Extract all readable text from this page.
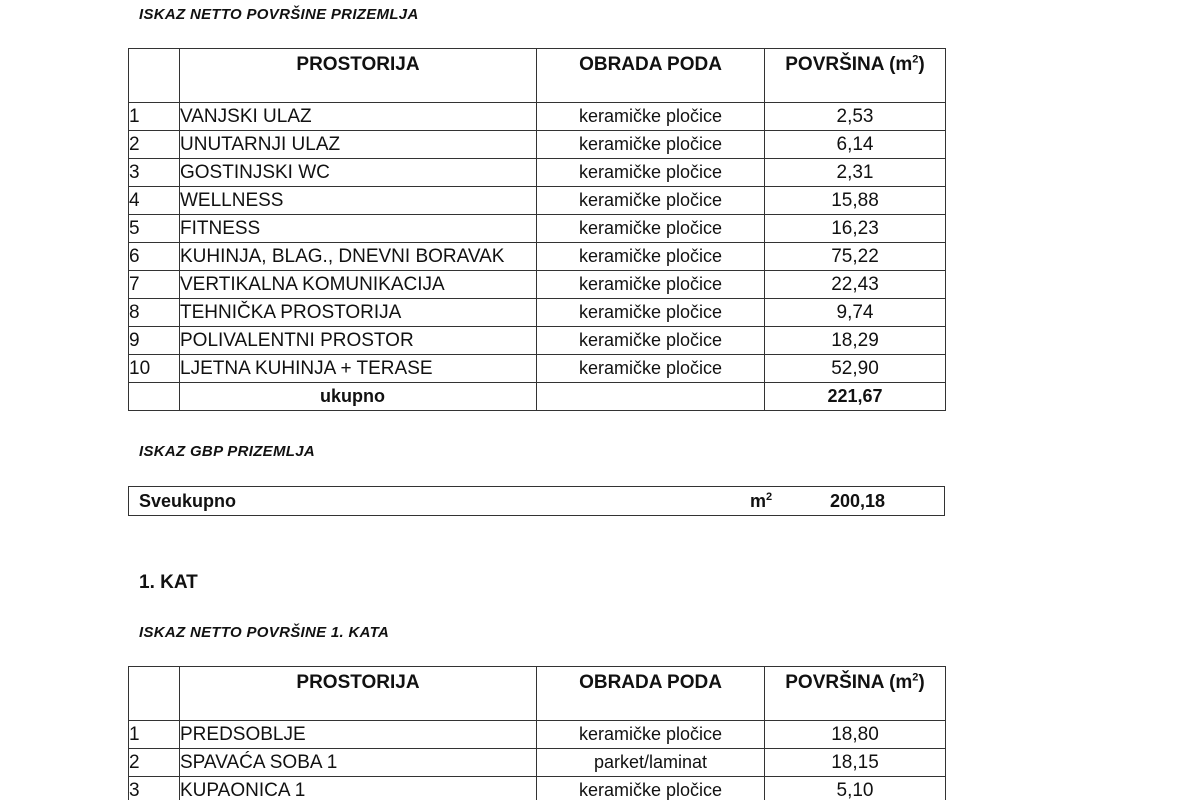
ISKAZ NETTO POVRŠINE PRIZEMLJA
	PROSTORIJA	OBRADA PODA	POVRŠINA $(m^2)$
1	VANJSKI ULAZ	keramičke pločice	2,53
2	UNUTARNJI ULAZ	keramičke pločice	6,14
3	GOSTINJSKI WC	keramičke pločice	2,31
4	WELLNESS	keramičke pločice	15,88
5	FITNESS	keramičke pločice	16,23
6	KUHINJA, BLAG., DNEVNI BORAVAK	keramičke pločice	75,22
7	VERTIKALNA KOMUNIKACIJA	keramičke pločice	22,43
8	TEHNIČKA PROSTORIJA	keramičke pločice	9,74
9	POLIVALENTNI PROSTOR	keramičke pločice	18,29
10	LJETNA KUHINJA + TERASE	keramičke pločice	52,90
	ukupno		221,67
ISKAZ GBP PRIZEMLJA
Sveukupno	$m^2$	200,18
1. KAT
ISKAZ NETTO POVRŠINE 1. KATA
	PROSTORIJA	OBRADA PODA	POVRŠINA $(m^2)$
1	PREDSOBLJE	keramičke pločice	18,80
2	SPAVAĆA SOBA 1	parket/laminat	18,15
3	KUPAONICA 1	keramičke pločice	5,10
